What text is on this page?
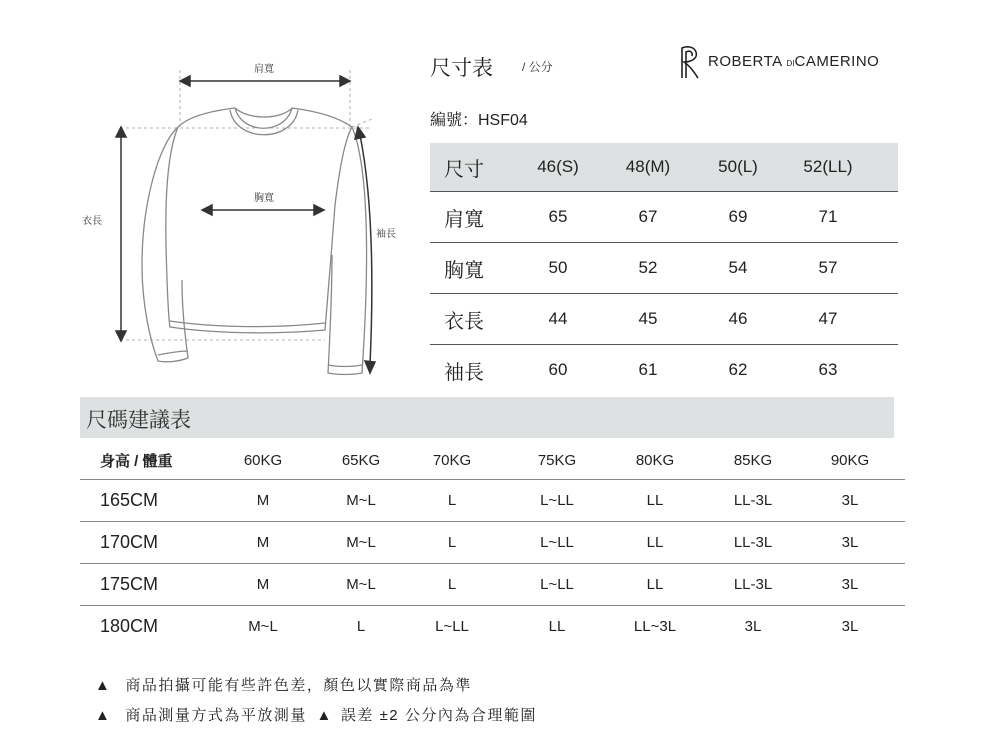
肩寬
胸寬
衣長
袖長
尺寸表 / 公分
編號：HSF04
ROBERTA DICAMERINO
尺寸	46(S)	48(M)	50(L)	52(LL)
肩寬	65	67	69	71
胸寬	50	52	54	57
衣長	44	45	46	47
袖長	60	61	62	63
尺碼建議表
身高 / 體重	60KG	65KG	70KG	75KG	80KG	85KG	90KG
165CM	M	M~L	L	L~LL	LL	LL-3L	3L
170CM	M	M~L	L	L~LL	LL	LL-3L	3L
175CM	M	M~L	L	L~LL	LL	LL-3L	3L
180CM	M~L	L	L~LL	LL	LL~3L	3L	3L
▲ 商品拍攝可能有些許色差，顏色以實際商品為準
▲ 商品測量方式為平放測量 ▲ 誤差 ±2 公分內為合理範圍
